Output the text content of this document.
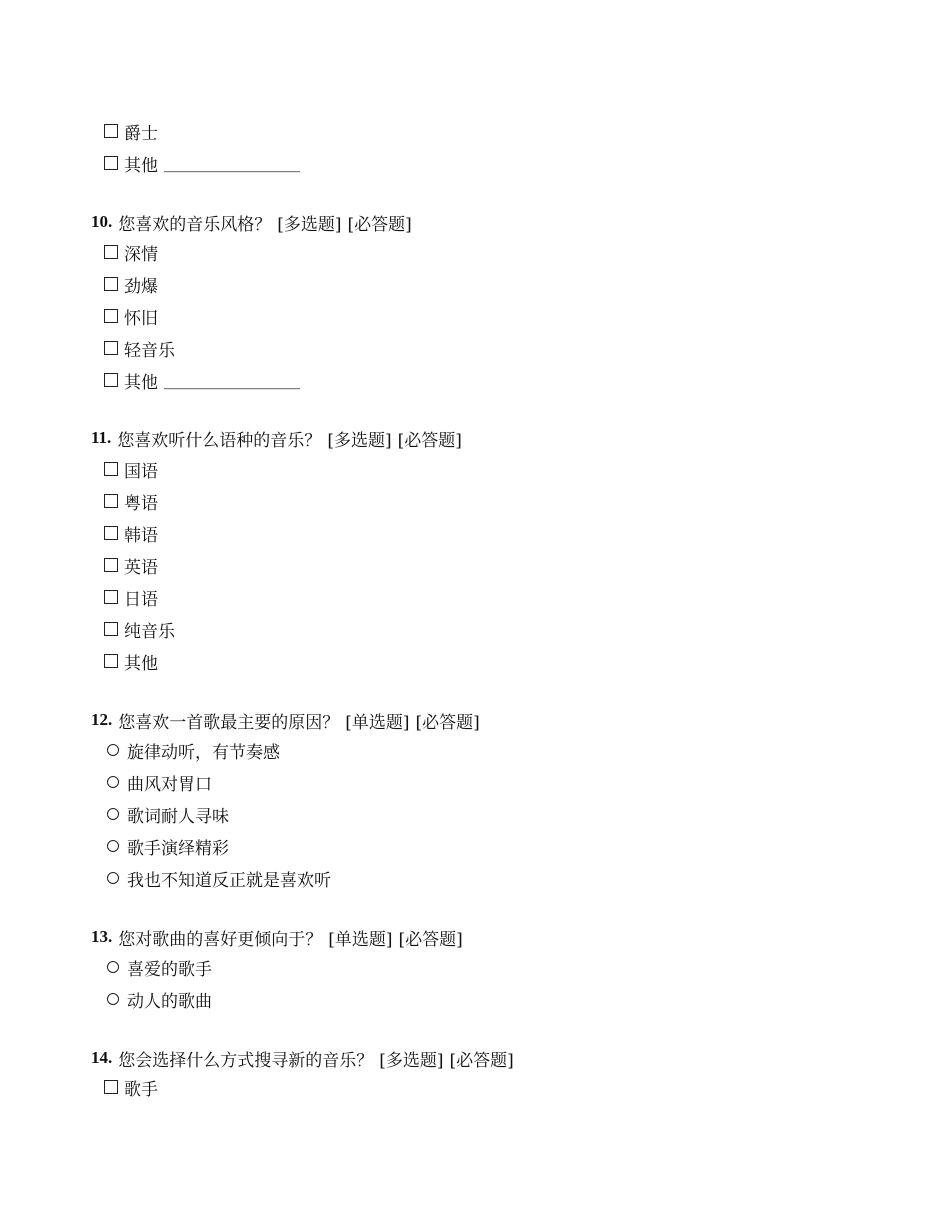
爵士
其他 ________________
10. 您喜欢的音乐风格？ [多选题] [必答题]
深情
劲爆
怀旧
轻音乐
其他 ________________
11. 您喜欢听什么语种的音乐？ [多选题] [必答题]
国语
粤语
韩语
英语
日语
纯音乐
其他
12. 您喜欢一首歌最主要的原因？ [单选题] [必答题]
旋律动听，有节奏感
曲风对胃口
歌词耐人寻味
歌手演绎精彩
我也不知道反正就是喜欢听
13. 您对歌曲的喜好更倾向于？ [单选题] [必答题]
喜爱的歌手
动人的歌曲
14. 您会选择什么方式搜寻新的音乐？ [多选题] [必答题]
歌手
